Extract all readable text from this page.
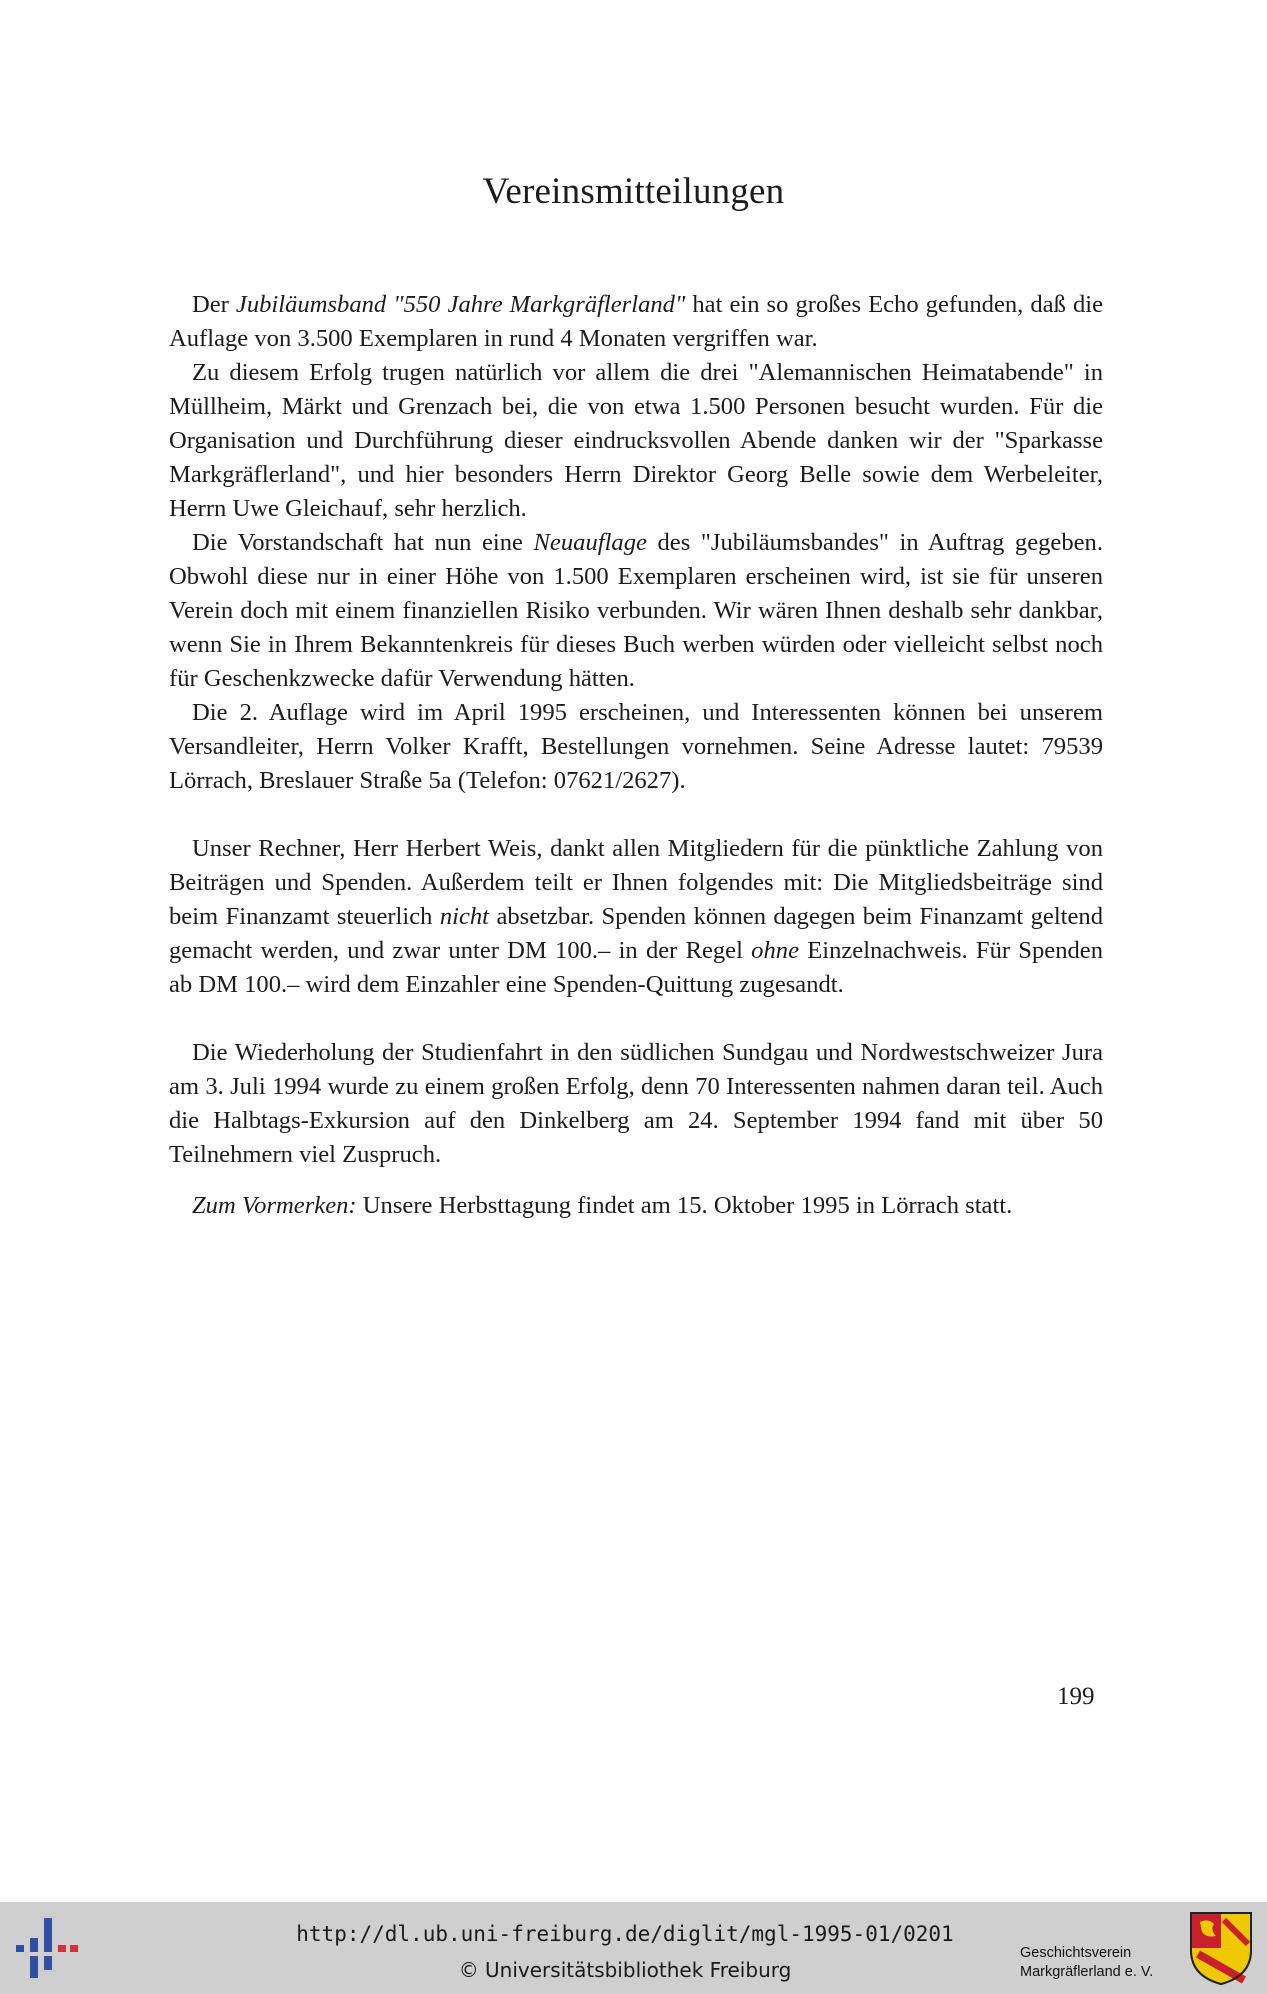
Vereinsmitteilungen

Der Jubiläumsband "550 Jahre Markgräflerland" hat ein so großes Echo gefunden, daß die Auflage von 3.500 Exemplaren in rund 4 Monaten vergriffen war.

Zu diesem Erfolg trugen natürlich vor allem die drei "Alemannischen Heimatabende" in Müllheim, Märkt und Grenzach bei, die von etwa 1.500 Personen besucht wurden. Für die Organisation und Durchführung dieser eindrucksvollen Abende danken wir der "Sparkasse Markgräflerland", und hier besonders Herrn Direktor Georg Belle sowie dem Werbeleiter, Herrn Uwe Gleichauf, sehr herzlich.

Die Vorstandschaft hat nun eine Neuauflage des "Jubiläumsbandes" in Auftrag gegeben. Obwohl diese nur in einer Höhe von 1.500 Exemplaren erscheinen wird, ist sie für unseren Verein doch mit einem finanziellen Risiko verbunden. Wir wären Ihnen deshalb sehr dankbar, wenn Sie in Ihrem Bekanntenkreis für dieses Buch werben würden oder vielleicht selbst noch für Geschenkzwecke dafür Verwendung hätten.

Die 2. Auflage wird im April 1995 erscheinen, und Interessenten können bei unserem Versandleiter, Herrn Volker Krafft, Bestellungen vornehmen. Seine Adresse lautet: 79539 Lörrach, Breslauer Straße 5a (Telefon: 07621/2627).

Unser Rechner, Herr Herbert Weis, dankt allen Mitgliedern für die pünktliche Zahlung von Beiträgen und Spenden. Außerdem teilt er Ihnen folgendes mit: Die Mitgliedsbeiträge sind beim Finanzamt steuerlich nicht absetzbar. Spenden können dagegen beim Finanzamt geltend gemacht werden, und zwar unter DM 100.– in der Regel ohne Einzelnachweis. Für Spenden ab DM 100.– wird dem Einzahler eine Spenden-Quittung zugesandt.

Die Wiederholung der Studienfahrt in den südlichen Sundgau und Nordwestschweizer Jura am 3. Juli 1994 wurde zu einem großen Erfolg, denn 70 Interessenten nahmen daran teil. Auch die Halbtags-Exkursion auf den Dinkelberg am 24. September 1994 fand mit über 50 Teilnehmern viel Zuspruch.

Zum Vormerken: Unsere Herbsttagung findet am 15. Oktober 1995 in Lörrach statt.

199
http://dl.ub.uni-freiburg.de/diglit/mgl-1995-01/0201
© Universitätsbibliothek Freiburg
Geschichtsverein
Markgräflerland e. V.
